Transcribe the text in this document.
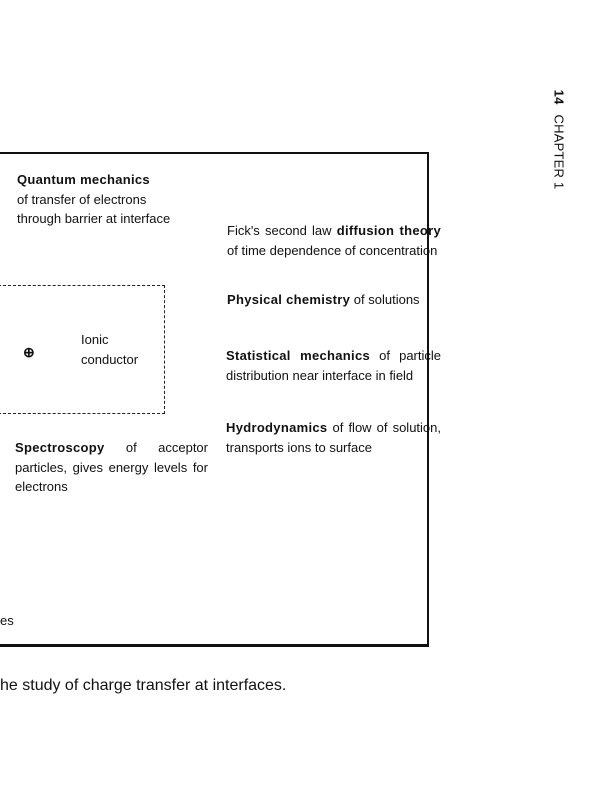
14CHAPTER 1
Quantum mechanics
of transfer of electrons
through barrier at interface
Fick's second law diffusion theory of time dependence of concentration
Physical chemistry of solutions
Statistical mechanics of particle distribution near interface in field
Hydrodynamics of flow of solution, transports ions to surface
⊕
Ionic
conductor
Spectroscopy of acceptor particles, gives energy levels for electrons
es
he study of charge transfer at interfaces.
